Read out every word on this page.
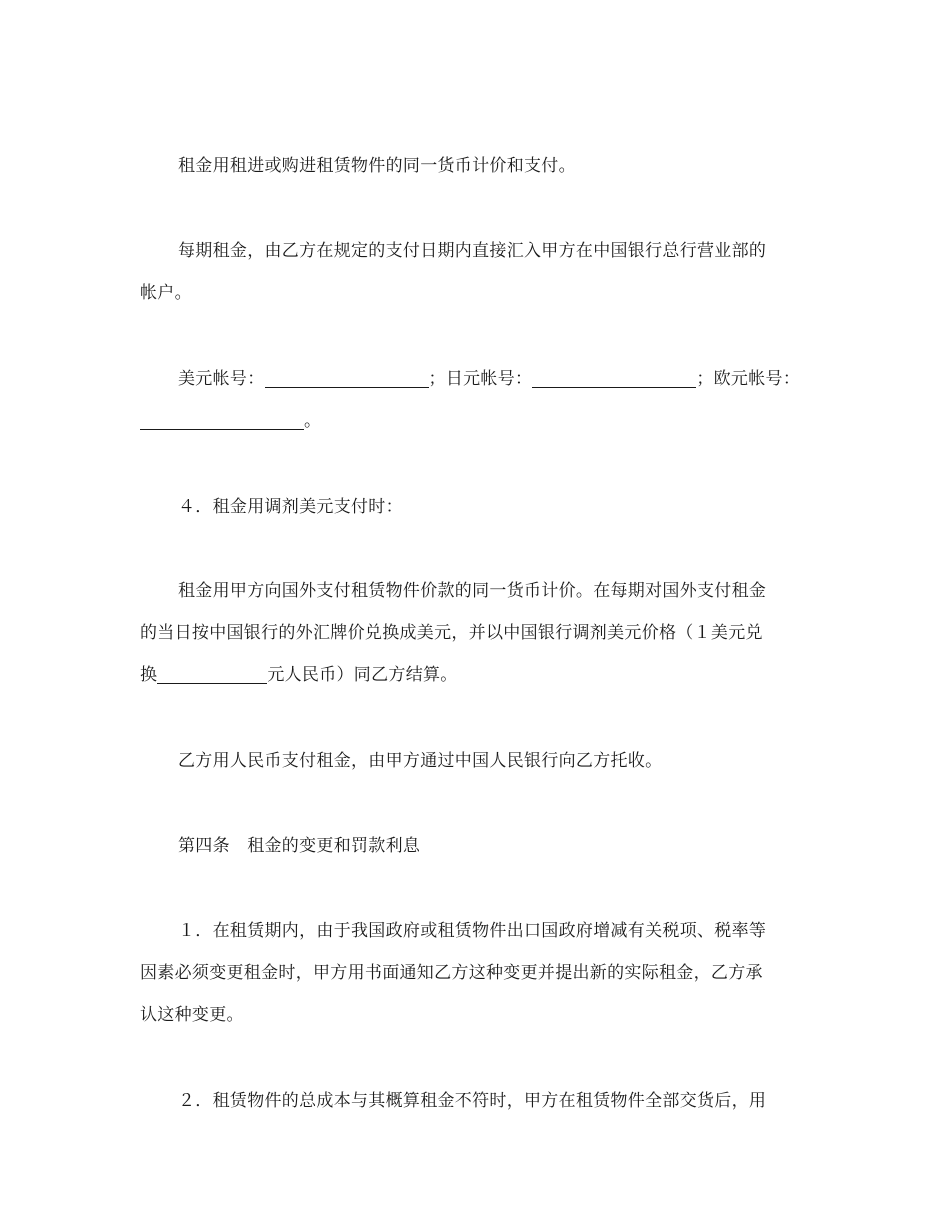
租金用租进或购进租赁物件的同一货币计价和支付。
每期租金，由乙方在规定的支付日期内直接汇入甲方在中国银行总行营业部的
帐户。
美元帐号：	；日元帐号：	；欧元帐号：
。
４．租金用调剂美元支付时：
租金用甲方向国外支付租赁物件价款的同一货币计价。在每期对国外支付租金
的当日按中国银行的外汇牌价兑换成美元，并以中国银行调剂美元价格（１美元兑
换	元人民币）同乙方结算。
乙方用人民币支付租金，由甲方通过中国人民银行向乙方托收。
第四条　租金的变更和罚款利息
１．在租赁期内，由于我国政府或租赁物件出口国政府增减有关税项、税率等
因素必须变更租金时，甲方用书面通知乙方这种变更并提出新的实际租金，乙方承
认这种变更。
２．租赁物件的总成本与其概算租金不符时，甲方在租赁物件全部交货后，用
